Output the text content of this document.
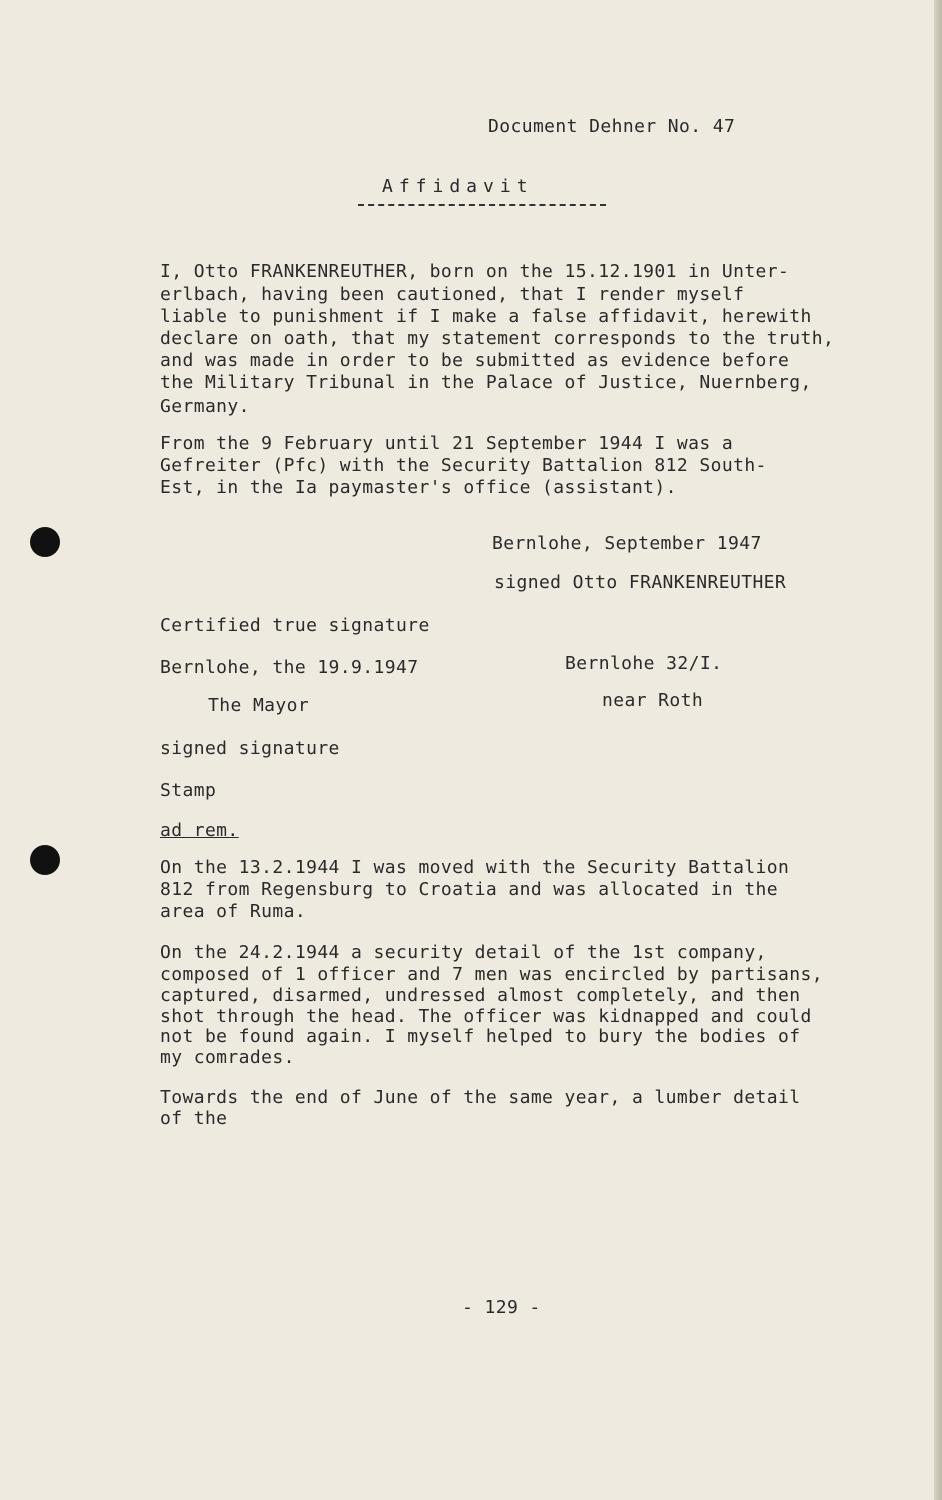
Document Dehner No. 47

Affidavit

I, Otto FRANKENREUTHER, born on the 15.12.1901 in Unter-

erlbach, having been cautioned, that I render myself

liable to punishment if I make a false affidavit, herewith

declare on oath, that my statement corresponds to the truth,

and was made in order to be submitted as evidence before

the Military Tribunal in the Palace of Justice, Nuernberg,

Germany.

From the 9 February until 21 September 1944 I was a

Gefreiter (Pfc) with the Security Battalion 812 South-

Est, in the Ia paymaster's office (assistant).

Bernlohe, September 1947

signed Otto FRANKENREUTHER

Certified true signature

Bernlohe, the 19.9.1947	Bernlohe 32/I.

The Mayor	near Roth

signed signature

Stamp

ad rem.

On the 13.2.1944 I was moved with the Security Battalion

812 from Regensburg to Croatia and was allocated in the

area of Ruma.

On the 24.2.1944 a security detail of the 1st company,

composed of 1 officer and 7 men was encircled by partisans,

captured, disarmed, undressed almost completely, and then

shot through the head. The officer was kidnapped and could

not be found again. I myself helped to bury the bodies of

my comrades.

Towards the end of June of the same year, a lumber detail

of the

- 129 -
